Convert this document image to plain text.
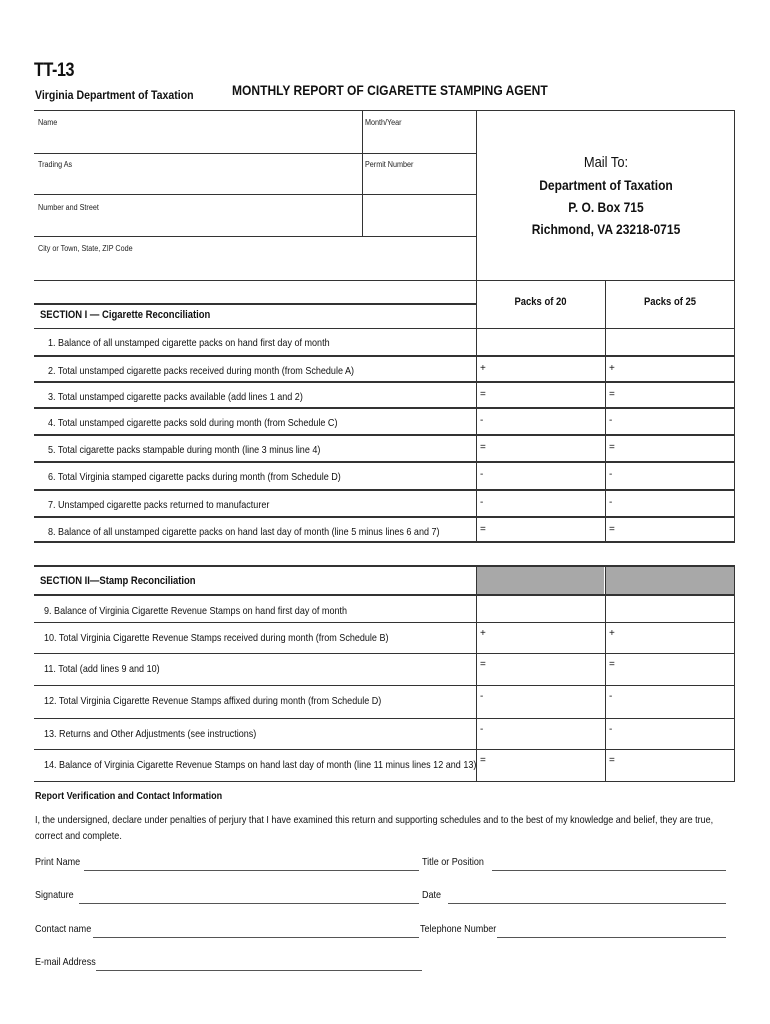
TT-13
Virginia Department of Taxation	MONTHLY REPORT OF CIGARETTE STAMPING AGENT
Name	Month/Year
Trading As	Permit Number
Number and Street
City or Town, State, ZIP Code
Mail To:
Department of Taxation
P. O. Box 715
Richmond, VA 23218-0715
Report Verification and Contact Information
I, the undersigned, declare under penalties of perjury that I have examined this return and supporting schedules and to the best of my knowledge and belief, they are true, correct and complete.
Print Name	Title or Position
Signature	Date
Contact name	Telephone Number
E-mail Address
Packs of 20	Packs of 25
SECTION I — Cigarette Reconciliation
1. Balance of all unstamped cigarette packs on hand first day of month
2. Total unstamped cigarette packs received during month (from Schedule A)	+	+
3. Total unstamped cigarette packs available (add lines 1 and 2)	=	=
4. Total unstamped cigarette packs sold during month (from Schedule C)	-	-
5. Total cigarette packs stampable during month (line 3 minus line 4)	=	=
6. Total Virginia stamped cigarette packs during month (from Schedule D)	-	-
7. Unstamped cigarette packs returned to manufacturer	-	-
8. Balance of all unstamped cigarette packs on hand last day of month (line 5 minus lines 6 and 7)	=	=
SECTION II—Stamp Reconciliation
9. Balance of Virginia Cigarette Revenue Stamps on hand first day of month
10. Total Virginia Cigarette Revenue Stamps received during month (from Schedule B)	+	+
11. Total (add lines 9 and 10)	=	=
12. Total Virginia Cigarette Revenue Stamps affixed during month (from Schedule D)	-	-
13. Returns and Other Adjustments (see instructions)	-	-
14. Balance of Virginia Cigarette Revenue Stamps on hand last day of month (line 11 minus lines 12 and 13) =	=
